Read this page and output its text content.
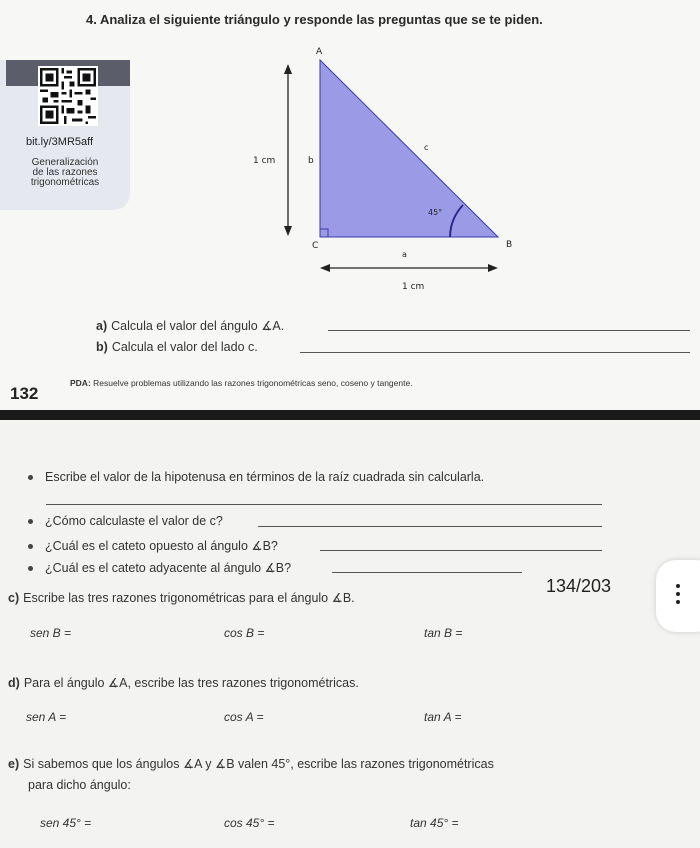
4. Analiza el siguiente triángulo y responde las preguntas que se te piden.
bit.ly/3MR5aff
Generalización
de las razones
trigonométricas
A
B
C
a
b
c
45°
1 cm
1 cm
a) Calcula el valor del ángulo ∡A.
b) Calcula el valor del lado c.
132
PDA: Resuelve problemas utilizando las razones trigonométricas seno, coseno y tangente.
Escribe el valor de la hipotenusa en términos de la raíz cuadrada sin calcularla.
¿Cómo calculaste el valor de c?
¿Cuál es el cateto opuesto al ángulo ∡B?
¿Cuál es el cateto adyacente al ángulo ∡B?
c) Escribe las tres razones trigonométricas para el ángulo ∡B.
sen B =	cos B =	tan B =
d) Para el ángulo ∡A, escribe las tres razones trigonométricas.
sen A =	cos A =	tan A =
e) Si sabemos que los ángulos ∡A y ∡B valen 45°, escribe las razones trigonométricas
para dicho ángulo:
sen 45° =	cos 45° =	tan 45° =
134/203
